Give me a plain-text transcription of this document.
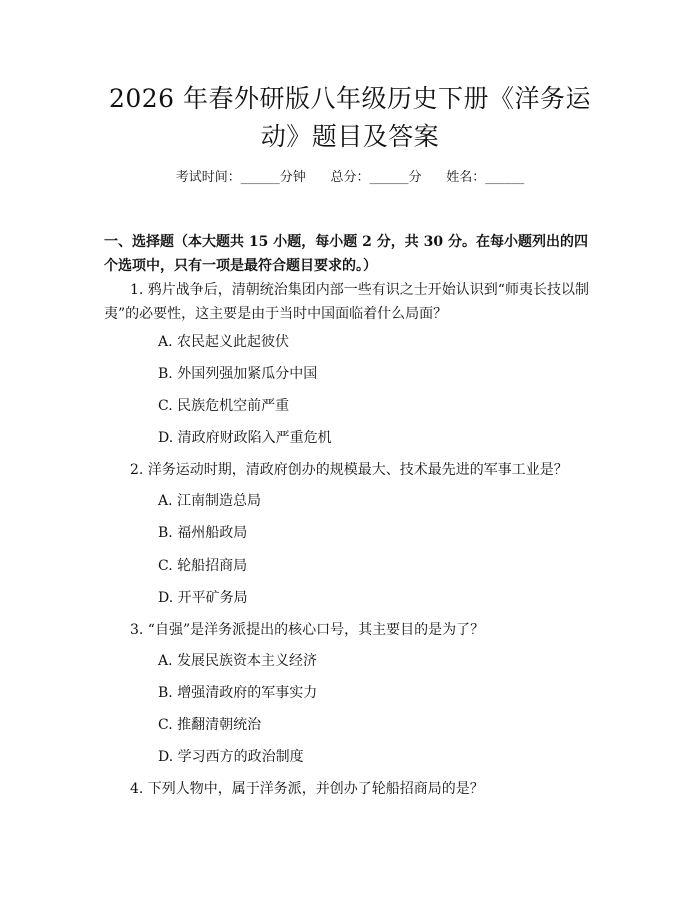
2026 年春外研版八年级历史下册《洋务运动》题目及答案
考试时间：______分钟      总分：______分      姓名：______
一、选择题（本大题共 15 小题，每小题 2 分，共 30 分。在每小题列出的四个选项中，只有一项是最符合题目要求的。）
1. 鸦片战争后，清朝统治集团内部一些有识之士开始认识到“师夷长技以制夷”的必要性，这主要是由于当时中国面临着什么局面？
A. 农民起义此起彼伏
B. 外国列强加紧瓜分中国
C. 民族危机空前严重
D. 清政府财政陷入严重危机
2. 洋务运动时期，清政府创办的规模最大、技术最先进的军事工业是？
A. 江南制造总局
B. 福州船政局
C. 轮船招商局
D. 开平矿务局
3. “自强”是洋务派提出的核心口号，其主要目的是为了？
A. 发展民族资本主义经济
B. 增强清政府的军事实力
C. 推翻清朝统治
D. 学习西方的政治制度
4. 下列人物中，属于洋务派，并创办了轮船招商局的是？
